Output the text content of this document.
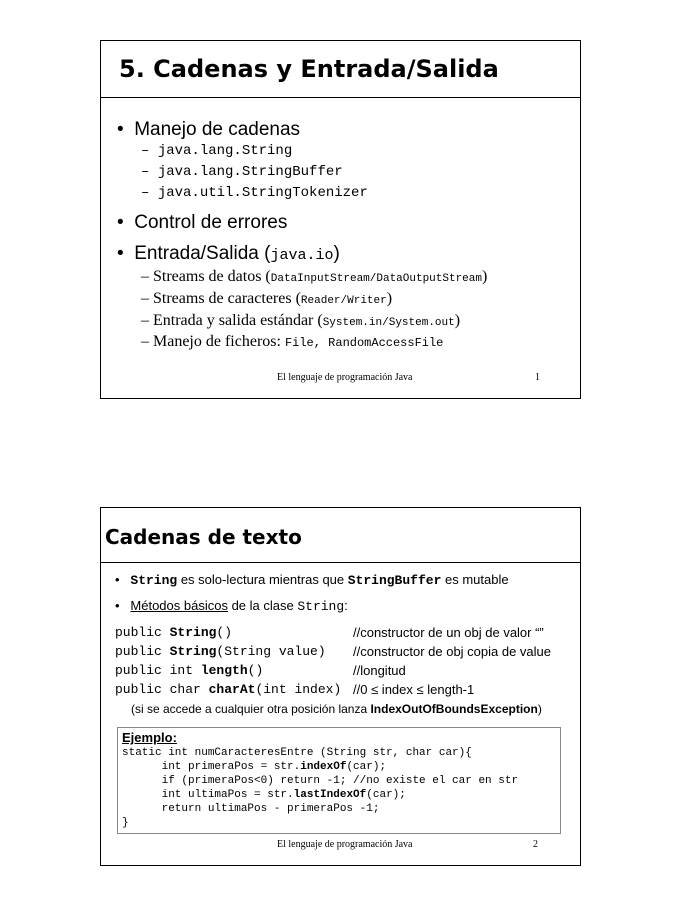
5. Cadenas y Entrada/Salida
• Manejo de cadenas
– java.lang.String
– java.lang.StringBuffer
– java.util.StringTokenizer
• Control de errores
• Entrada/Salida (java.io)
– Streams de datos (DataInputStream/DataOutputStream)
– Streams de caracteres (Reader/Writer)
– Entrada y salida estándar (System.in/System.out)
– Manejo de ficheros: File, RandomAccessFile
El lenguaje de programación Java	1
Cadenas de texto
• String es solo-lectura mientras que StringBuffer es mutable
• Métodos básicos de la clase String:
public String()	//constructor de un obj de valor “”
public String(String value) //constructor de obj copia de value
public int length()	//longitud
public char charAt(int index) //0 ≤ index ≤ length-1
(si se accede a cualquier otra posición lanza IndexOutOfBoundsException)
Ejemplo:
static int numCaracteresEntre (String str, char car){
int primeraPos = str.indexOf(car);
if (primeraPos<0) return -1; //no existe el car en str
int ultimaPos = str.lastIndexOf(car);
return ultimaPos - primeraPos -1;
}
El lenguaje de programación Java	2
